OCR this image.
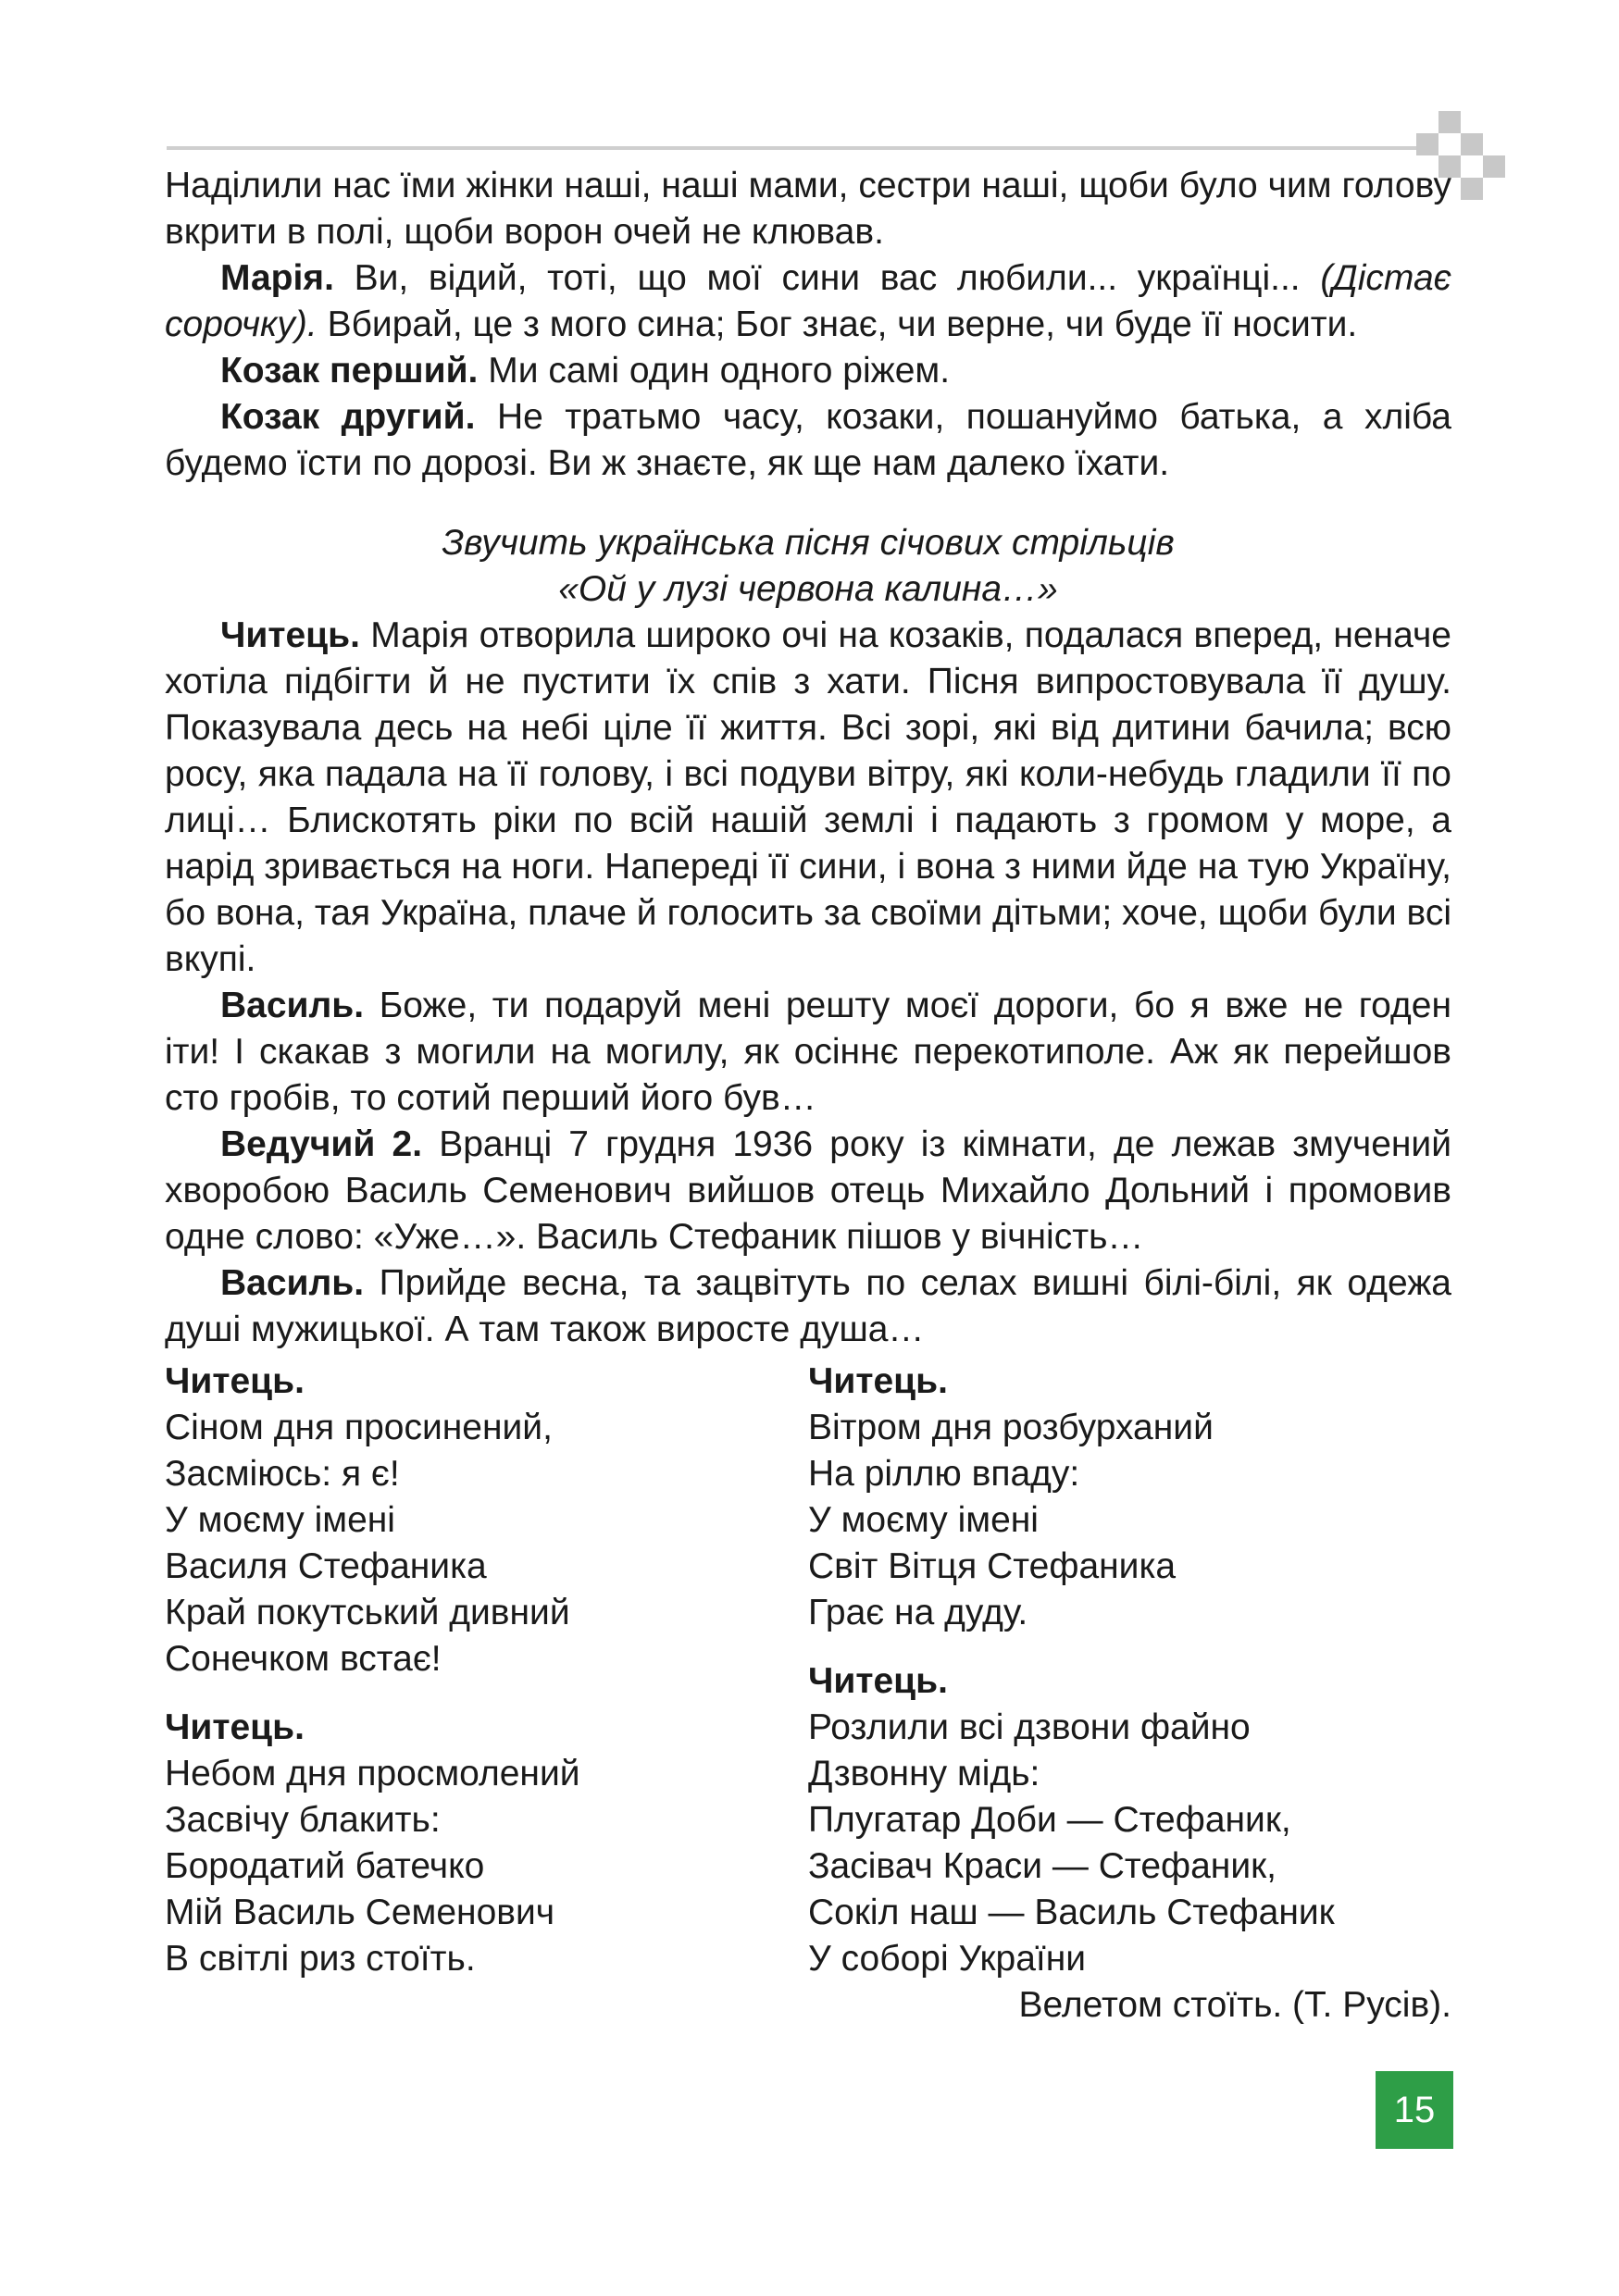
Наділили нас їми жінки наші, наші мами, сестри наші, щоби було чим голову вкрити в полі, щоби ворон очей не клював.

Марія. Ви, відий, тоті, що мої сини вас любили... українці... (Дістає сорочку). Вбирай, це з мого сина; Бог знає, чи верне, чи буде її носити.

Козак перший. Ми самі один одного ріжем.

Козак другий. Не тратьмо часу, козаки, пошануймо батька, а хліба будемо їсти по дорозі. Ви ж знаєте, як ще нам далеко їхати.

Звучить українська пісня січових стрільців

«Ой у лузі червона калина…»

Читець. Марія отворила широко очі на козаків, подалася вперед, неначе хотіла підбігти й не пустити їх спів з хати. Пісня випростовувала її душу. Показувала десь на небі ціле її життя. Всі зорі, які від дитини бачила; всю росу, яка падала на її голову, і всі подуви вітру, які коли-небудь гладили її по лиці… Блискотять ріки по всій нашій землі і падають з громом у море, а нарід зривається на ноги. Напереді її сини, і вона з ними йде на тую Україну, бо вона, тая Україна, плаче й голосить за своїми дітьми; хоче, щоби були всі вкупі.

Василь. Боже, ти подаруй мені решту моєї дороги, бо я вже не годен іти! І скакав з могили на могилу, як осіннє перекотиполе. Аж як перейшов сто гробів, то сотий перший його був…

Ведучий 2. Вранці 7 грудня 1936 року із кімнати, де лежав змучений хворобою Василь Семенович вийшов отець Михайло Дольний і промовив одне слово: «Уже…». Василь Стефаник пішов у вічність…

Василь. Прийде весна, та зацвітуть по селах вишні білі-білі, як одежа душі мужицької. А там також виросте душа…

Читець.
Сіном дня просинений,
Засміюсь: я є!
У моєму імені
Василя Стефаника
Край покутський дивний
Сонечком встає!
Читець.
Небом дня просмолений
Засвічу блакить:
Бородатий батечко
Мій Василь Семенович
В світлі риз стоїть.
Читець.
Вітром дня розбурханий
На ріллю впаду:
У моєму імені
Світ Вітця Стефаника
Грає на дуду.
Читець.
Розлили всі дзвони файно
Дзвонну мідь:
Плугатар Доби — Стефаник,
Засівач Краси — Стефаник,
Сокіл наш — Василь Стефаник
У соборі України
Велетом стоїть. (Т. Русів).
15
